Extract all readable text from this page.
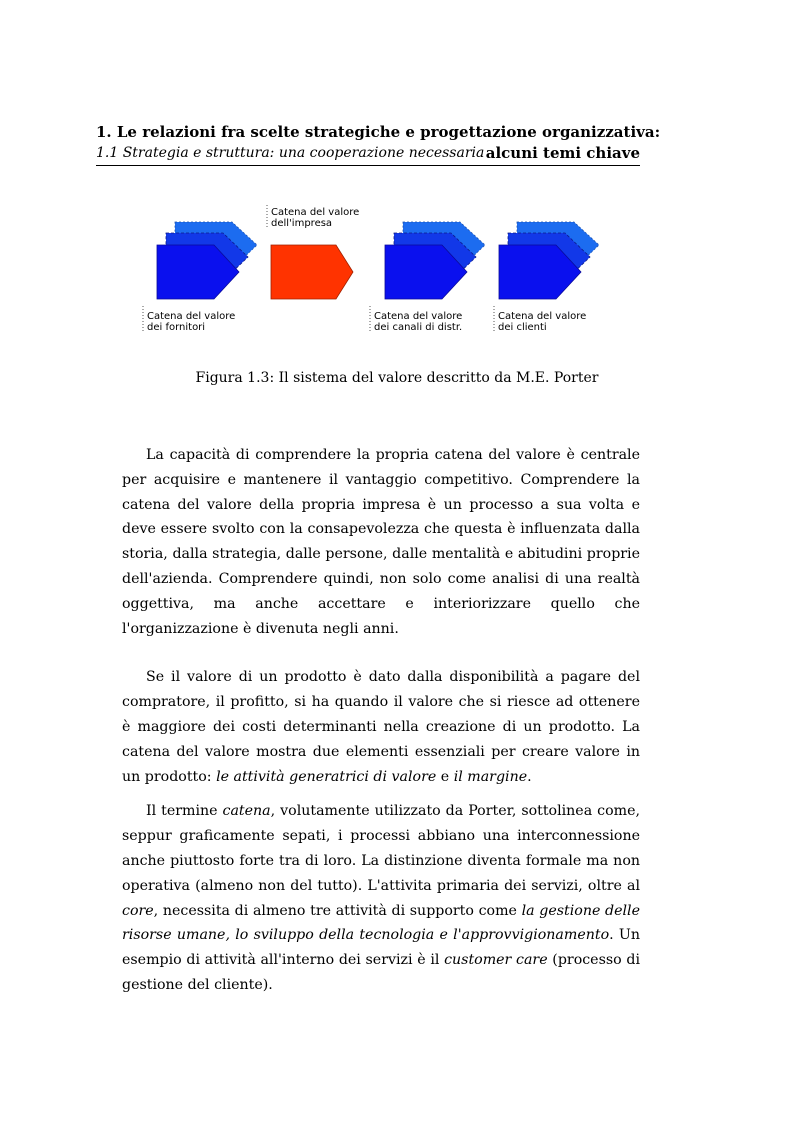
1. Le relazioni fra scelte strategiche e progettazione organizzativa:
1.1 Strategia e struttura: una cooperazione necessaria alcuni temi chiave
Catena del valore
dell'impresa
Catena del valore
dei fornitori
Catena del valore
dei canali di distr.
Catena del valore
dei clienti
Figura 1.3: Il sistema del valore descritto da M.E. Porter

La capacità di comprendere la propria catena del valore è centrale per acquisire e mantenere il vantaggio competitivo. Comprendere la catena del valore della propria impresa è un processo a sua volta e deve essere svolto con la consapevolezza che questa è influenzata dalla storia, dalla strategia, dalle persone, dalle mentalità e abitudini proprie dell'azienda. Comprendere quindi, non solo come analisi di una realtà oggettiva, ma anche accettare e interiorizzare quello che l'organizzazione è divenuta negli anni.

Se il valore di un prodotto è dato dalla disponibilità a pagare del compratore, il profitto, si ha quando il valore che si riesce ad ottenere è maggiore dei costi determinanti nella creazione di un prodotto. La catena del valore mostra due elementi essenziali per creare valore in un prodotto: le attività generatrici di valore e il margine.

Il termine catena, volutamente utilizzato da Porter, sottolinea come, seppur graficamente sepati, i processi abbiano una interconnessione anche piuttosto forte tra di loro. La distinzione diventa formale ma non operativa (almeno non del tutto). L'attivita primaria dei servizi, oltre al core, necessita di almeno tre attività di supporto come la gestione delle risorse umane, lo sviluppo della tecnologia e l'approvvigionamento. Un esempio di attività all'interno dei servizi è il customer care (processo di gestione del cliente).
